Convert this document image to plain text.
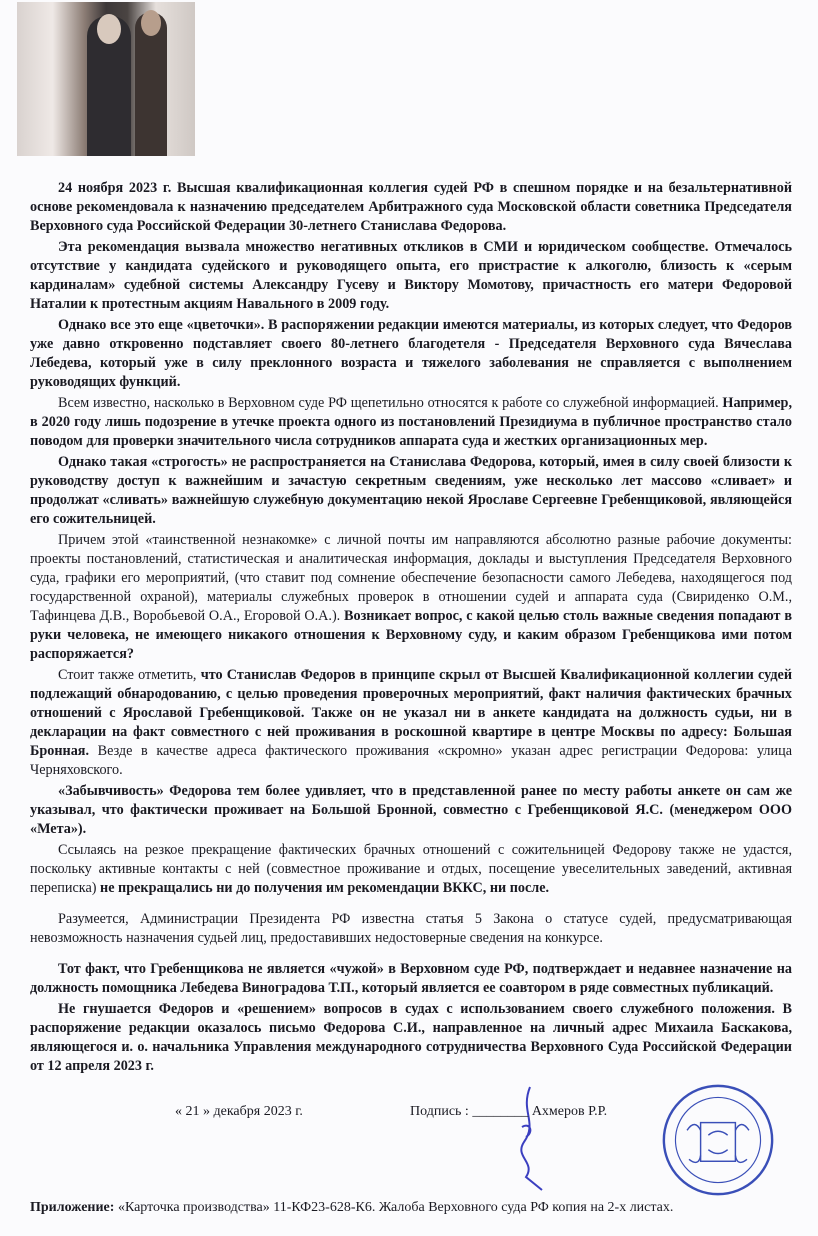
24 ноября 2023 г. Высшая квалификационная коллегия судей РФ в спешном порядке и на безальтернативной основе рекомендовала к назначению председателем Арбитражного суда Московской области советника Председателя Верховного суда Российской Федерации 30-летнего Станислава Федорова.

Эта рекомендация вызвала множество негативных откликов в СМИ и юридическом сообществе. Отмечалось отсутствие у кандидата судейского и руководящего опыта, его пристрастие к алкоголю, близость к «серым кардиналам» судебной системы Александру Гусеву и Виктору Момотову, причастность его матери Федоровой Наталии к протестным акциям Навального в 2009 году.

Однако все это еще «цветочки». В распоряжении редакции имеются материалы, из которых следует, что Федоров уже давно откровенно подставляет своего 80-летнего благодетеля - Председателя Верховного суда Вячеслава Лебедева, который уже в силу преклонного возраста и тяжелого заболевания не справляется с выполнением руководящих функций.

Всем известно, насколько в Верховном суде РФ щепетильно относятся к работе со служебной информацией. Например, в 2020 году лишь подозрение в утечке проекта одного из постановлений Президиума в публичное пространство стало поводом для проверки значительного числа сотрудников аппарата суда и жестких организационных мер.

Однако такая «строгость» не распространяется на Станислава Федорова, который, имея в силу своей близости к руководству доступ к важнейшим и зачастую секретным сведениям, уже несколько лет массово «сливает» и продолжат «сливать» важнейшую служебную документацию некой Ярославе Сергеевне Гребенщиковой, являющейся его сожительницей.

Причем этой «таинственной незнакомке» с личной почты им направляются абсолютно разные рабочие документы: проекты постановлений, статистическая и аналитическая информация, доклады и выступления Председателя Верховного суда, графики его мероприятий, (что ставит под сомнение обеспечение безопасности самого Лебедева, находящегося под государственной охраной), материалы служебных проверок в отношении судей и аппарата суда (Свириденко О.М., Тафинцева Д.В., Воробьевой О.А., Егоровой О.А.). Возникает вопрос, с какой целью столь важные сведения попадают в руки человека, не имеющего никакого отношения к Верховному суду, и каким образом Гребенщикова ими потом распоряжается?

Стоит также отметить, что Станислав Федоров в принципе скрыл от Высшей Квалификационной коллегии судей подлежащий обнародованию, с целью проведения проверочных мероприятий, факт наличия фактических брачных отношений с Ярославой Гребенщиковой. Также он не указал ни в анкете кандидата на должность судьи, ни в декларации на факт совместного с ней проживания в роскошной квартире в центре Москвы по адресу: Большая Бронная. Везде в качестве адреса фактического проживания «скромно» указан адрес регистрации Федорова: улица Черняховского.

«Забывчивость» Федорова тем более удивляет, что в представленной ранее по месту работы анкете он сам же указывал, что фактически проживает на Большой Бронной, совместно с Гребенщиковой Я.С. (менеджером ООО «Мета»).

Ссылаясь на резкое прекращение фактических брачных отношений с сожительницей Федорову также не удастся, поскольку активные контакты с ней (совместное проживание и отдых, посещение увеселительных заведений, активная переписка) не прекращались ни до получения им рекомендации ВККС, ни после.

Разумеется, Администрации Президента РФ известна статья 5 Закона о статусе судей, предусматривающая невозможность назначения судьей лиц, предоставивших недостоверные сведения на конкурсе.

Тот факт, что Гребенщикова не является «чужой» в Верховном суде РФ, подтверждает и недавнее назначение на должность помощника Лебедева Виноградова Т.П., который является ее соавтором в ряде совместных публикаций.

Не гнушается Федоров и «решением» вопросов в судах с использованием своего служебного положения. В распоряжение редакции оказалось письмо Федорова С.И., направленное на личный адрес Михаила Баскакова, являющегося и. о. начальника Управления международного сотрудничества Верховного Суда Российской Федерации от 12 апреля 2023 г.

« 21 » декабря 2023 г.	Подпись : ________ Ахмеров Р.Р.
Приложение: «Карточка производства» 11-КФ23-628-К6. Жалоба Верховного суда РФ копия на 2-х листах.
